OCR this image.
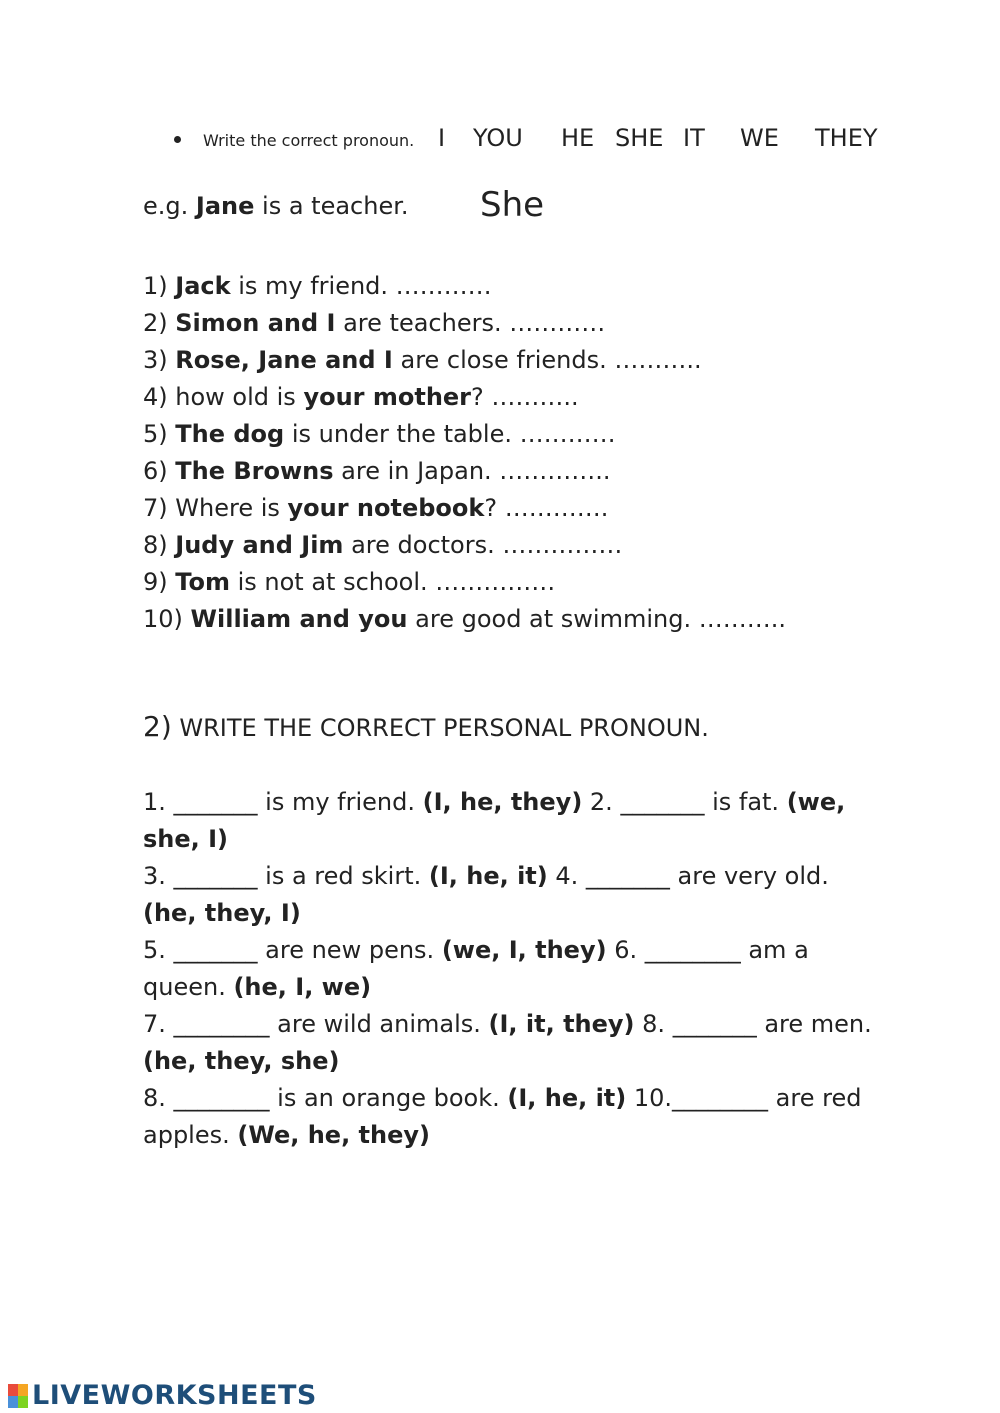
Write the correct pronoun. I YOU HE SHE IT WE THEY
e.g. Jane is a teacher. She
1) Jack is my friend. …………
2) Simon and I are teachers. …………
3) Rose, Jane and I are close friends. ………..
4) how old is your mother? ………..
5) The dog is under the table. …………
6) The Browns are in Japan. …………..
7) Where is your notebook? ………….
8) Judy and Jim are doctors. ……………
9) Tom is not at school. ……………
10) William and you are good at swimming. ………..
2) WRITE THE CORRECT PERSONAL PRONOUN.

1. _______ is my friend. (I, he, they) 2. _______ is fat. (we, she, I)

3. _______ is a red skirt. (I, he, it) 4. _______ are very old. (he, they, I)

5. _______ are new pens. (we, I, they) 6. ________ am a queen. (he, I, we)

7. ________ are wild animals. (I, it, they) 8. _______ are men. (he, they, she)

8. ________ is an orange book. (I, he, it) 10.________ are red apples. (We, he, they)

LIVEWORKSHEETS
